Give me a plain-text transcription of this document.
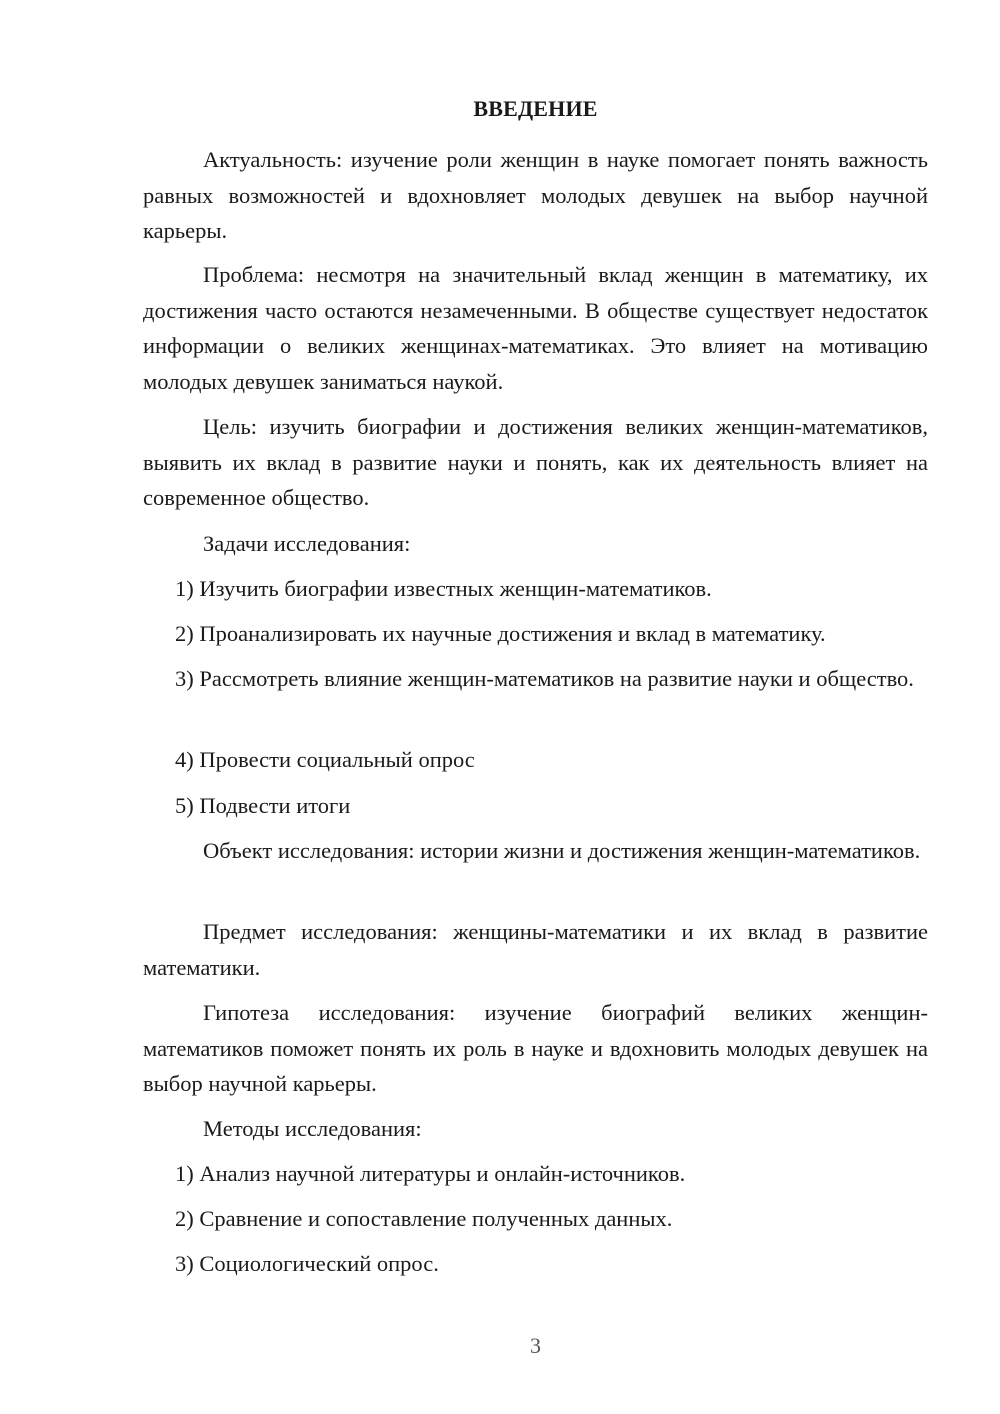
ВВЕДЕНИЕ

Актуальность: изучение роли женщин в науке помогает понять важность равных возможностей и вдохновляет молодых девушек на выбор научной карьеры.

Проблема: несмотря на значительный вклад женщин в математику, их достижения часто остаются незамеченными. В обществе существует недостаток информации о великих женщинах-математиках. Это влияет на мотивацию молодых девушек заниматься наукой.

Цель: изучить биографии и достижения великих женщин-математиков, выявить их вклад в развитие науки и понять, как их деятельность влияет на современное общество.

Задачи исследования:

1) Изучить биографии известных женщин-математиков.

2) Проанализировать их научные достижения и вклад в математику.

3) Рассмотреть влияние женщин-математиков на развитие науки и общество.

4) Провести социальный опрос

5) Подвести итоги

Объект исследования: истории жизни и достижения женщин-математиков.

Предмет исследования: женщины-математики и их вклад в развитие математики.

Гипотеза исследования: изучение биографий великих женщин-математиков поможет понять их роль в науке и вдохновить молодых девушек на выбор научной карьеры.

Методы исследования:

1) Анализ научной литературы и онлайн-источников.

2) Сравнение и сопоставление полученных данных.

3) Социологический опрос.

3
